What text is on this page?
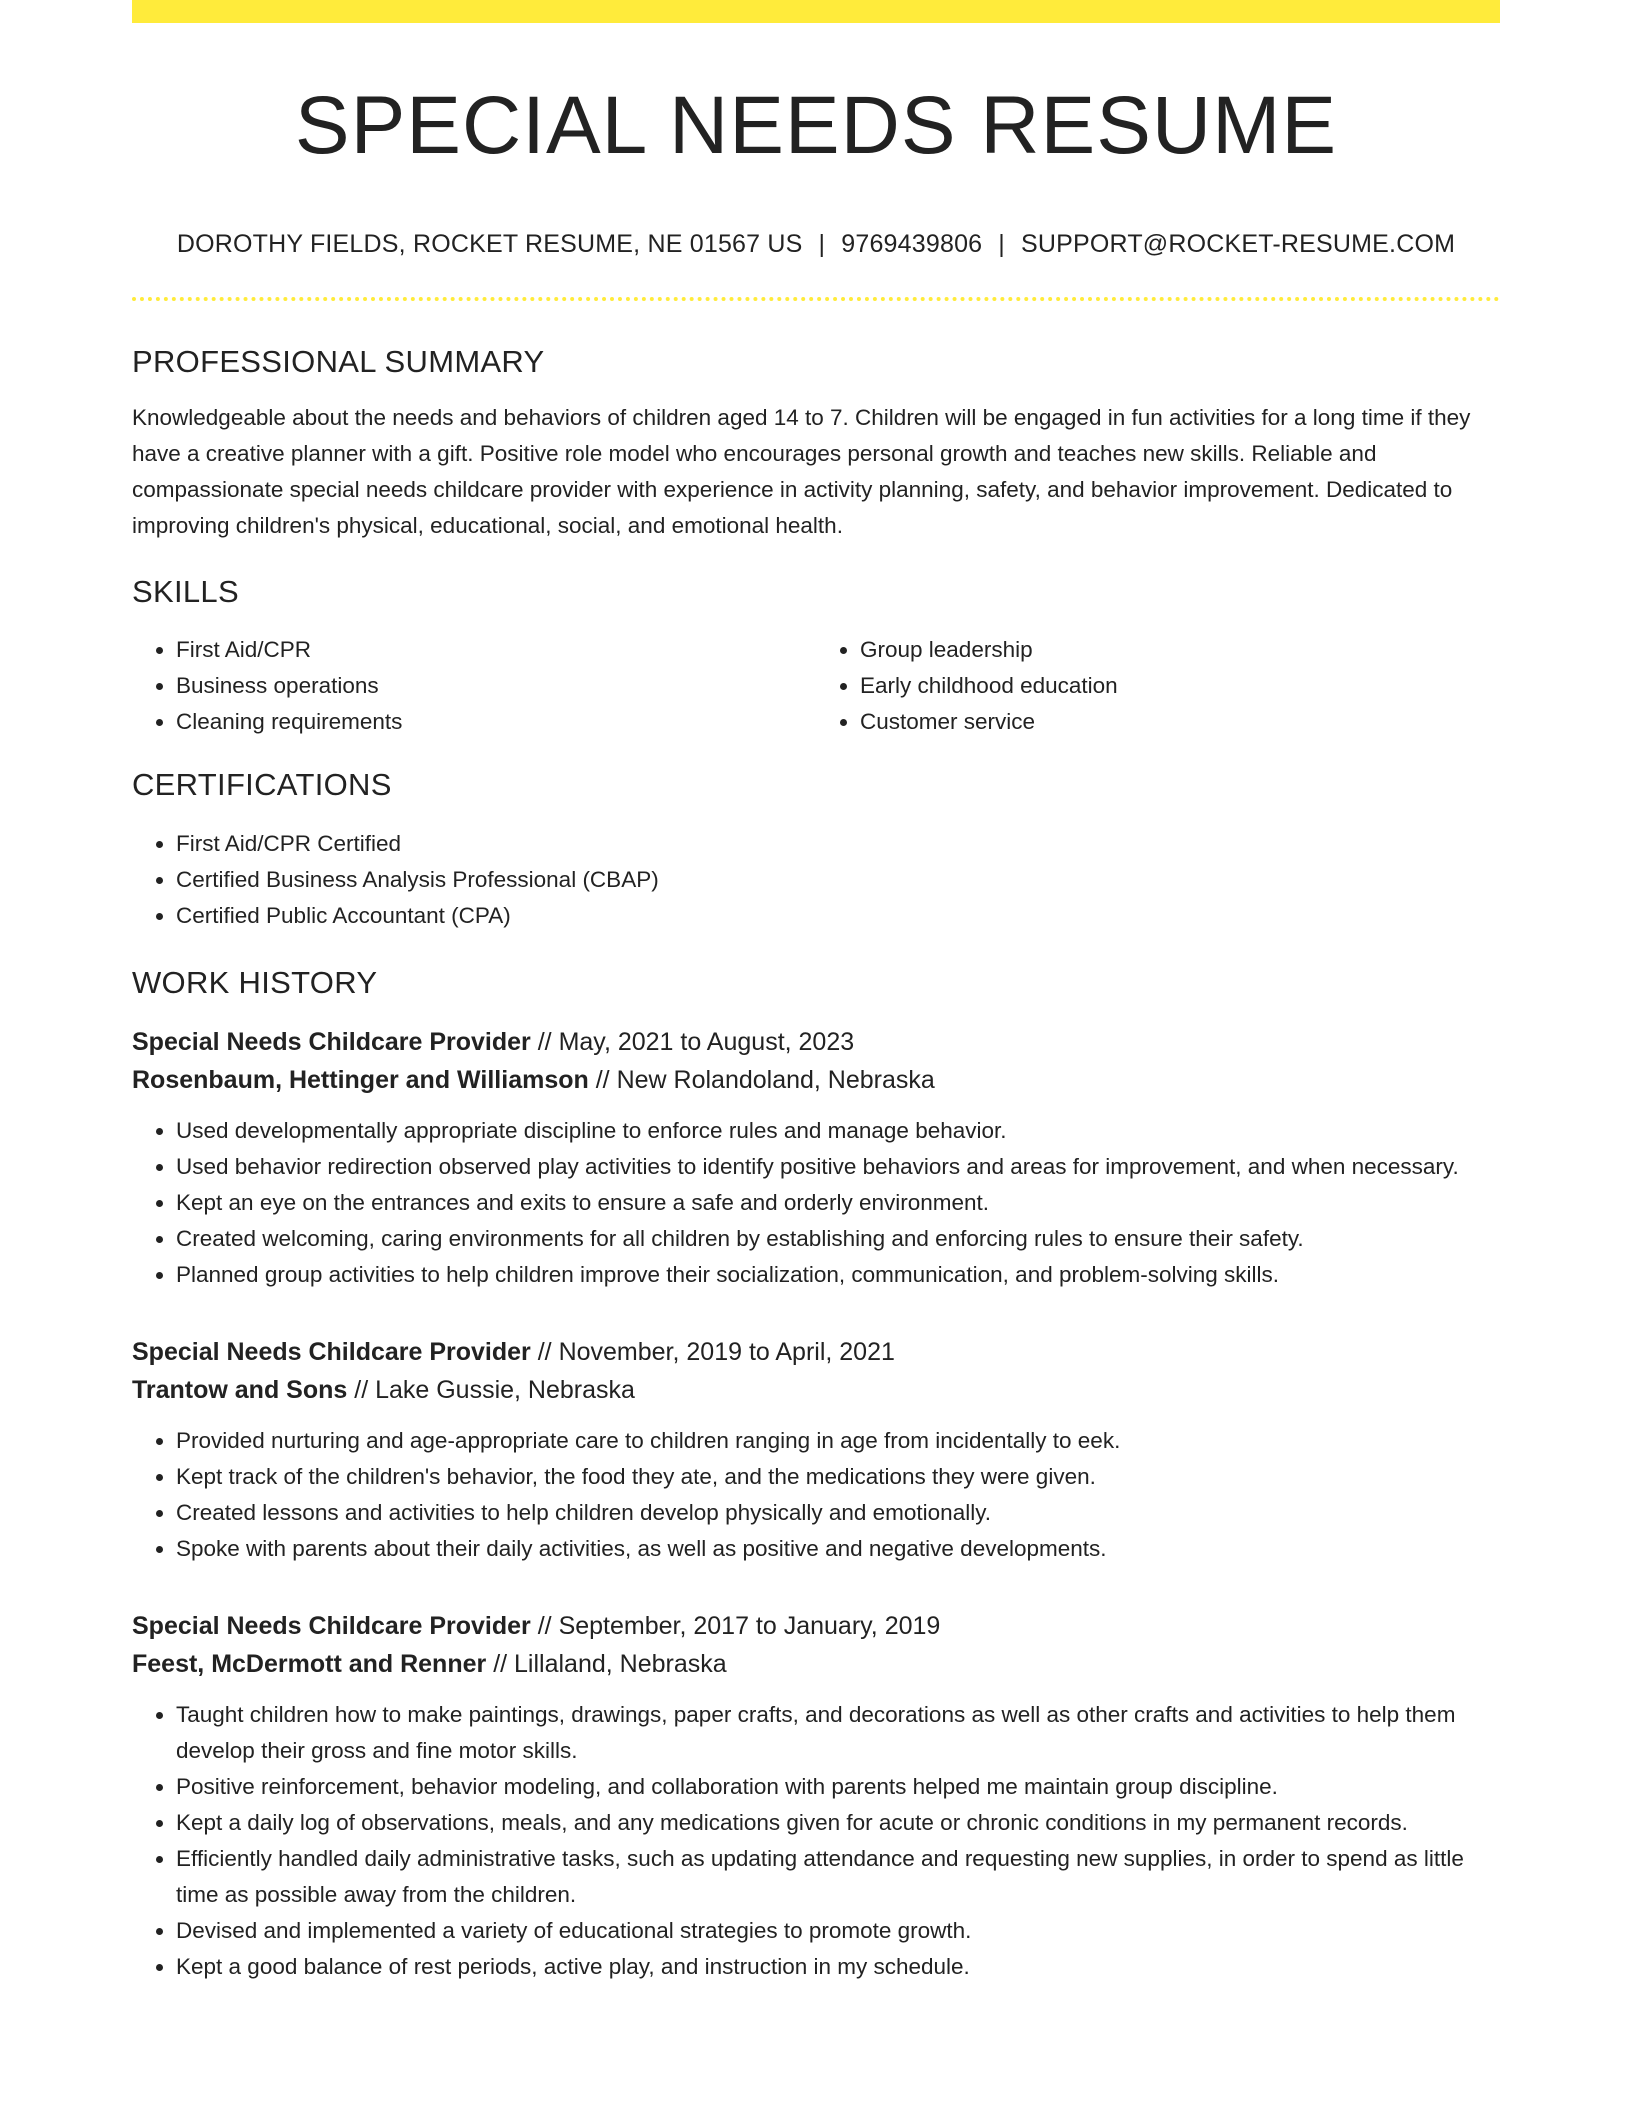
SPECIAL NEEDS RESUME
DOROTHY FIELDS, ROCKET RESUME, NE 01567 US | 9769439806 | SUPPORT@ROCKET-RESUME.COM
PROFESSIONAL SUMMARY
Knowledgeable about the needs and behaviors of children aged 14 to 7. Children will be engaged in fun activities for a long time if they have a creative planner with a gift. Positive role model who encourages personal growth and teaches new skills. Reliable and compassionate special needs childcare provider with experience in activity planning, safety, and behavior improvement. Dedicated to improving children's physical, educational, social, and emotional health.
SKILLS
• First Aid/CPR
• Business operations
• Cleaning requirements
• Group leadership
• Early childhood education
• Customer service
CERTIFICATIONS
• First Aid/CPR Certified
• Certified Business Analysis Professional (CBAP)
• Certified Public Accountant (CPA)
WORK HISTORY
Special Needs Childcare Provider // May, 2021 to August, 2023
Rosenbaum, Hettinger and Williamson // New Rolandoland, Nebraska
• Used developmentally appropriate discipline to enforce rules and manage behavior.
• Used behavior redirection observed play activities to identify positive behaviors and areas for improvement, and when necessary.
• Kept an eye on the entrances and exits to ensure a safe and orderly environment.
• Created welcoming, caring environments for all children by establishing and enforcing rules to ensure their safety.
• Planned group activities to help children improve their socialization, communication, and problem-solving skills.
Special Needs Childcare Provider // November, 2019 to April, 2021
Trantow and Sons // Lake Gussie, Nebraska
• Provided nurturing and age-appropriate care to children ranging in age from incidentally to eek.
• Kept track of the children's behavior, the food they ate, and the medications they were given.
• Created lessons and activities to help children develop physically and emotionally.
• Spoke with parents about their daily activities, as well as positive and negative developments.
Special Needs Childcare Provider // September, 2017 to January, 2019
Feest, McDermott and Renner // Lillaland, Nebraska
• Taught children how to make paintings, drawings, paper crafts, and decorations as well as other crafts and activities to help them develop their gross and fine motor skills.
• Positive reinforcement, behavior modeling, and collaboration with parents helped me maintain group discipline.
• Kept a daily log of observations, meals, and any medications given for acute or chronic conditions in my permanent records.
• Efficiently handled daily administrative tasks, such as updating attendance and requesting new supplies, in order to spend as little time as possible away from the children.
• Devised and implemented a variety of educational strategies to promote growth.
• Kept a good balance of rest periods, active play, and instruction in my schedule.
